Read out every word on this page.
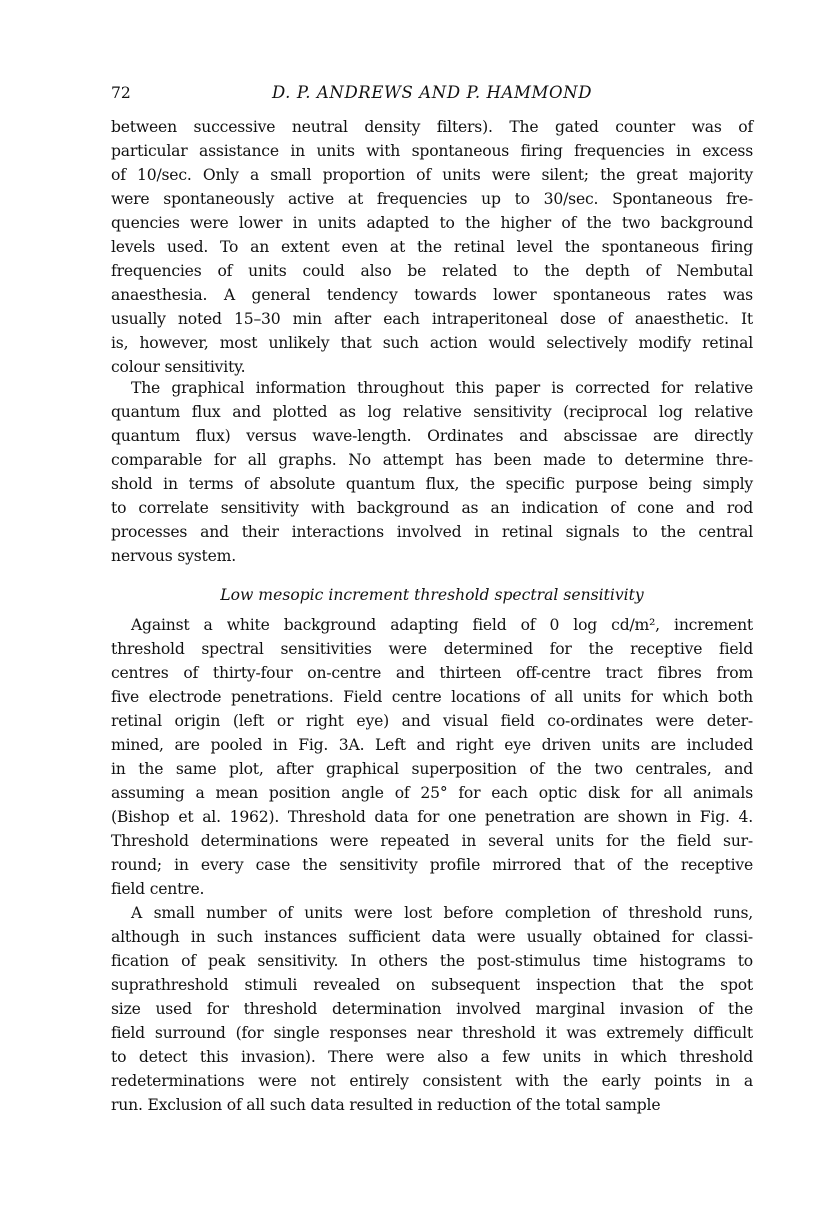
72	D. P. ANDREWS AND P. HAMMOND
between successive neutral density filters). The gated counter was of
particular assistance in units with spontaneous firing frequencies in excess
of 10/sec. Only a small proportion of units were silent; the great majority
were spontaneously active at frequencies up to 30/sec. Spontaneous fre-
quencies were lower in units adapted to the higher of the two background
levels used. To an extent even at the retinal level the spontaneous firing
frequencies of units could also be related to the depth of Nembutal
anaesthesia. A general tendency towards lower spontaneous rates was
usually noted 15–30 min after each intraperitoneal dose of anaesthetic. It
is, however, most unlikely that such action would selectively modify retinal
colour sensitivity.
The graphical information throughout this paper is corrected for relative
quantum flux and plotted as log relative sensitivity (reciprocal log relative
quantum flux) versus wave-length. Ordinates and abscissae are directly
comparable for all graphs. No attempt has been made to determine thre-
shold in terms of absolute quantum flux, the specific purpose being simply
to correlate sensitivity with background as an indication of cone and rod
processes and their interactions involved in retinal signals to the central
nervous system.
Low mesopic increment threshold spectral sensitivity
Against a white background adapting field of 0 log cd/m², increment
threshold spectral sensitivities were determined for the receptive field
centres of thirty-four on-centre and thirteen off-centre tract fibres from
five electrode penetrations. Field centre locations of all units for which both
retinal origin (left or right eye) and visual field co-ordinates were deter-
mined, are pooled in Fig. 3A. Left and right eye driven units are included
in the same plot, after graphical superposition of the two centrales, and
assuming a mean position angle of 25° for each optic disk for all animals
(Bishop et al. 1962). Threshold data for one penetration are shown in Fig. 4.
Threshold determinations were repeated in several units for the field sur-
round; in every case the sensitivity profile mirrored that of the receptive
field centre.
A small number of units were lost before completion of threshold runs,
although in such instances sufficient data were usually obtained for classi-
fication of peak sensitivity. In others the post-stimulus time histograms to
suprathreshold stimuli revealed on subsequent inspection that the spot
size used for threshold determination involved marginal invasion of the
field surround (for single responses near threshold it was extremely difficult
to detect this invasion). There were also a few units in which threshold
redeterminations were not entirely consistent with the early points in a
run. Exclusion of all such data resulted in reduction of the total sample
